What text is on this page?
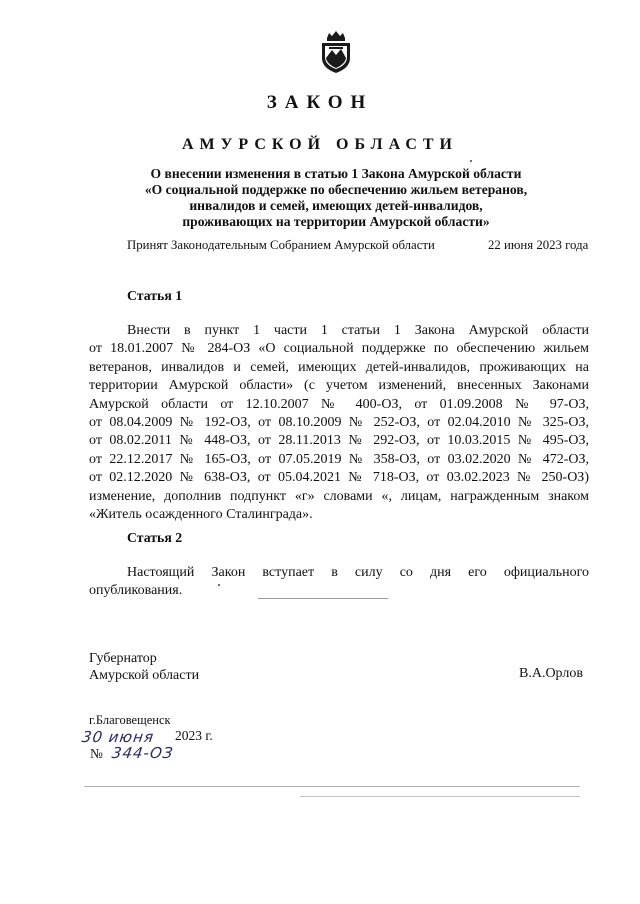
ЗАКОН
АМУРСКОЙ ОБЛАСТИ
О внесении изменения в статью 1 Закона Амурской области
«О социальной поддержке по обеспечению жильем ветеранов,
инвалидов и семей, имеющих детей-инвалидов,
проживающих на территории Амурской области»
Принят Законодательным Собранием Амурской области	22 июня 2023 года
Статья 1
Внести в пункт 1 части 1 статьи 1 Закона Амурской области
от 18.01.2007 № 284-ОЗ «О социальной поддержке по обеспечению жильем
ветеранов, инвалидов и семей, имеющих детей-инвалидов, проживающих на
территории Амурской области» (с учетом изменений, внесенных Законами
Амурской области от 12.10.2007 № 400-ОЗ, от 01.09.2008 № 97-ОЗ,
от 08.04.2009 № 192-ОЗ, от 08.10.2009 № 252-ОЗ, от 02.04.2010 № 325-ОЗ,
от 08.02.2011 № 448-ОЗ, от 28.11.2013 № 292-ОЗ, от 10.03.2015 № 495-ОЗ,
от 22.12.2017 № 165-ОЗ, от 07.05.2019 № 358-ОЗ, от 03.02.2020 № 472-ОЗ,
от 02.12.2020 № 638-ОЗ, от 05.04.2021 № 718-ОЗ, от 03.02.2023 № 250-ОЗ)
изменение, дополнив подпункт «г» словами «, лицам, награжденным знаком
«Житель осажденного Сталинграда».
Статья 2
Настоящий Закон вступает в силу со дня его официального
опубликования.
Губернатор
Амурской области	В.А.Орлов
г.Благовещенск
30 июня 2023 г.
№ 344-ОЗ
